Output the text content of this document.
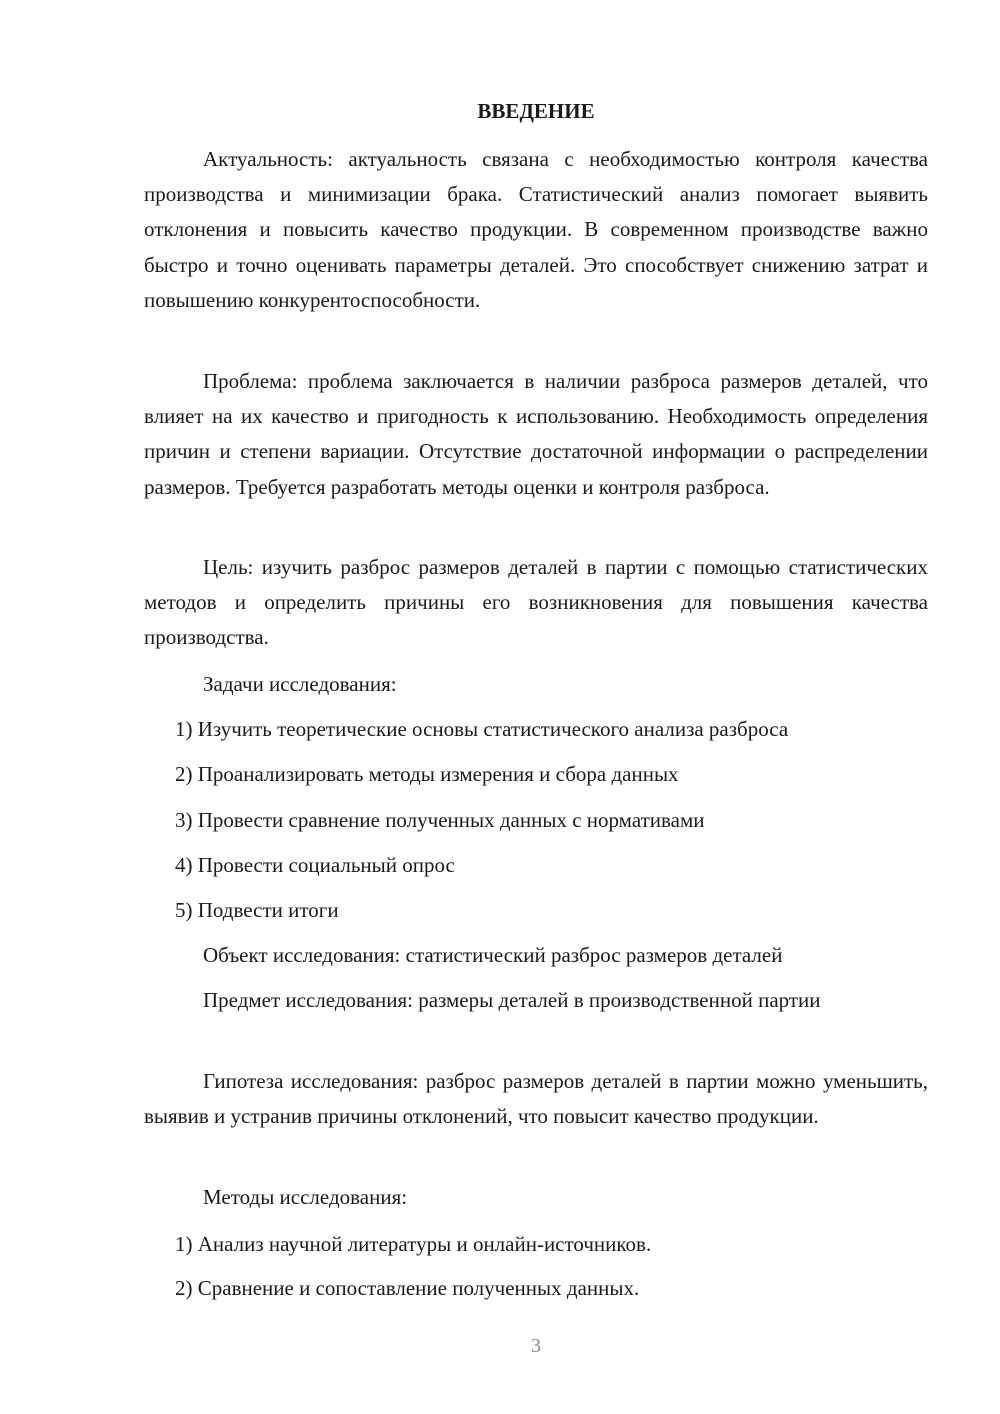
ВВЕДЕНИЕ

Актуальность: актуальность связана с необходимостью контроля качества производства и минимизации брака. Статистический анализ помогает выявить отклонения и повысить качество продукции. В современном производстве важно быстро и точно оценивать параметры деталей. Это способствует снижению затрат и повышению конкурентоспособности.

Проблема: проблема заключается в наличии разброса размеров деталей, что влияет на их качество и пригодность к использованию. Необходимость определения причин и степени вариации. Отсутствие достаточной информации о распределении размеров. Требуется разработать методы оценки и контроля разброса.

Цель: изучить разброс размеров деталей в партии с помощью статистических методов и определить причины его возникновения для повышения качества производства.

Задачи исследования:

1) Изучить теоретические основы статистического анализа разброса

2) Проанализировать методы измерения и сбора данных

3) Провести сравнение полученных данных с нормативами

4) Провести социальный опрос

5) Подвести итоги

Объект исследования: статистический разброс размеров деталей

Предмет исследования: размеры деталей в производственной партии

Гипотеза исследования: разброс размеров деталей в партии можно уменьшить, выявив и устранив причины отклонений, что повысит качество продукции.

Методы исследования:

1) Анализ научной литературы и онлайн-источников.

2) Сравнение и сопоставление полученных данных.

3
